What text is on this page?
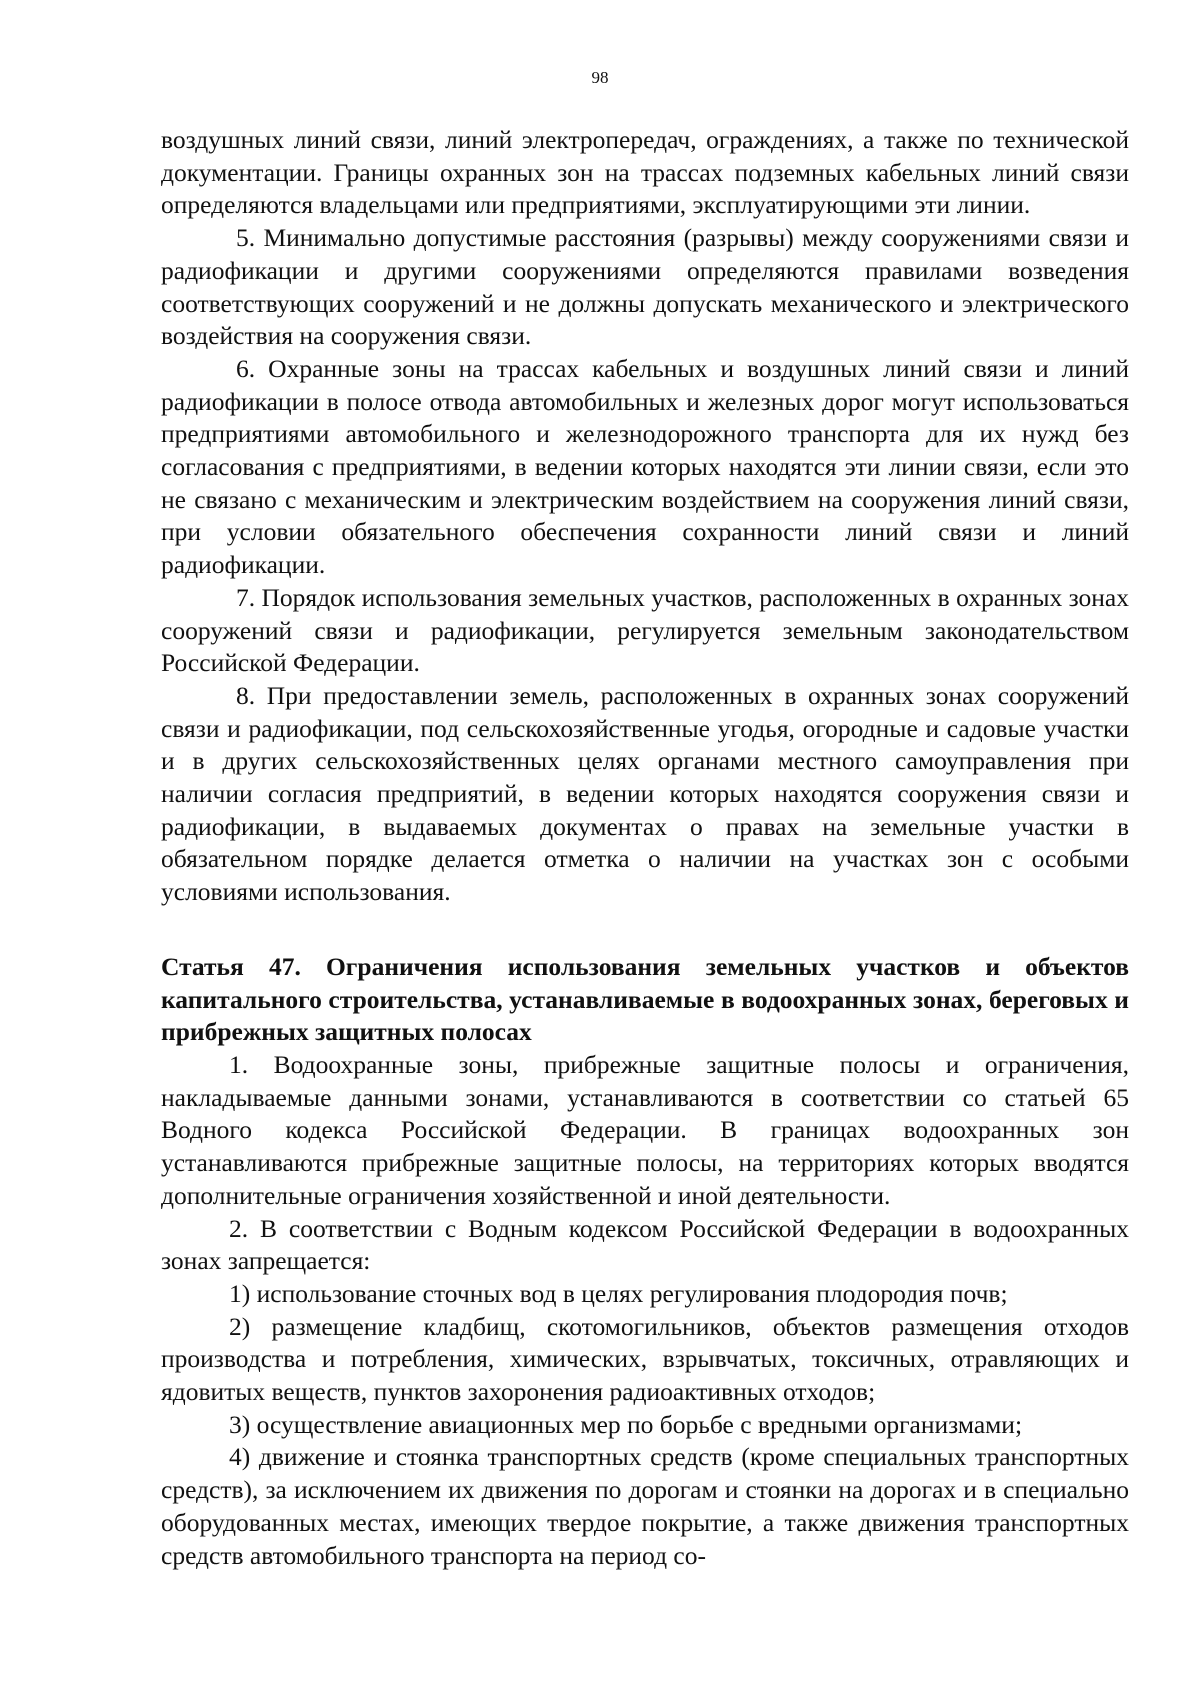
98

воздушных линий связи, линий электропередач, ограждениях, а также по технической документации. Границы охранных зон на трассах подземных кабельных линий связи определяются владельцами или предприятиями, эксплуатирующими эти линии.

5. Минимально допустимые расстояния (разрывы) между сооружениями связи и радиофикации и другими сооружениями определяются правилами возведения соответствующих сооружений и не должны допускать механического и электрического воздействия на сооружения связи.

6. Охранные зоны на трассах кабельных и воздушных линий связи и линий радиофикации в полосе отвода автомобильных и железных дорог могут использоваться предприятиями автомобильного и железнодорожного транспорта для их нужд без согласования с предприятиями, в ведении которых находятся эти линии связи, если это не связано с механическим и электрическим воздействием на сооружения линий связи, при условии обязательного обеспечения сохранности линий связи и линий радиофикации.

7. Порядок использования земельных участков, расположенных в охранных зонах сооружений связи и радиофикации, регулируется земельным законодательством Российской Федерации.

8. При предоставлении земель, расположенных в охранных зонах сооружений связи и радиофикации, под сельскохозяйственные угодья, огородные и садовые участки и в других сельскохозяйственных целях органами местного самоуправления при наличии согласия предприятий, в ведении которых находятся сооружения связи и радиофикации, в выдаваемых документах о правах на земельные участки в обязательном порядке делается отметка о наличии на участках зон с особыми условиями использования.

Статья 47. Ограничения использования земельных участков и объектов капитального строительства, устанавливаемые в водоохранных зонах, береговых и прибрежных защитных полосах

1. Водоохранные зоны, прибрежные защитные полосы и ограничения, накладываемые данными зонами, устанавливаются в соответствии со статьей 65 Водного кодекса Российской Федерации. В границах водоохранных зон устанавливаются прибрежные защитные полосы, на территориях которых вводятся дополнительные ограничения хозяйственной и иной деятельности.

2. В соответствии с Водным кодексом Российской Федерации в водоохранных зонах запрещается:

1) использование сточных вод в целях регулирования плодородия почв;

2) размещение кладбищ, скотомогильников, объектов размещения отходов производства и потребления, химических, взрывчатых, токсичных, отравляющих и ядовитых веществ, пунктов захоронения радиоактивных отходов;

3) осуществление авиационных мер по борьбе с вредными организмами;

4) движение и стоянка транспортных средств (кроме специальных транспортных средств), за исключением их движения по дорогам и стоянки на дорогах и в специально оборудованных местах, имеющих твердое покрытие, а также движения транспортных средств автомобильного транспорта на период со-
